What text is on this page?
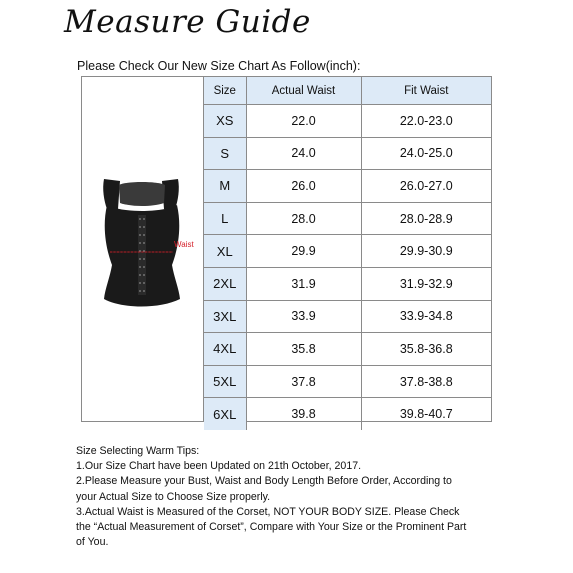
Measure Guide
Please Check Our New Size Chart As Follow(inch):
Waist
Size	Actual Waist	Fit Waist
XS	22.0	22.0-23.0
S	24.0	24.0-25.0
M	26.0	26.0-27.0
L	28.0	28.0-28.9
XL	29.9	29.9-30.9
2XL	31.9	31.9-32.9
3XL	33.9	33.9-34.8
4XL	35.8	35.8-36.8
5XL	37.8	37.8-38.8
6XL	39.8	39.8-40.7
Size Selecting Warm Tips:
1.Our Size Chart have been Updated on 21th October, 2017.
2.Please Measure your Bust, Waist and Body Length Before Order, According to
your Actual Size to Choose Size properly.
3.Actual Waist is Measured of the Corset, NOT YOUR BODY SIZE. Please Check
the “Actual Measurement of Corset”, Compare with Your Size or the Prominent Part
of You.
